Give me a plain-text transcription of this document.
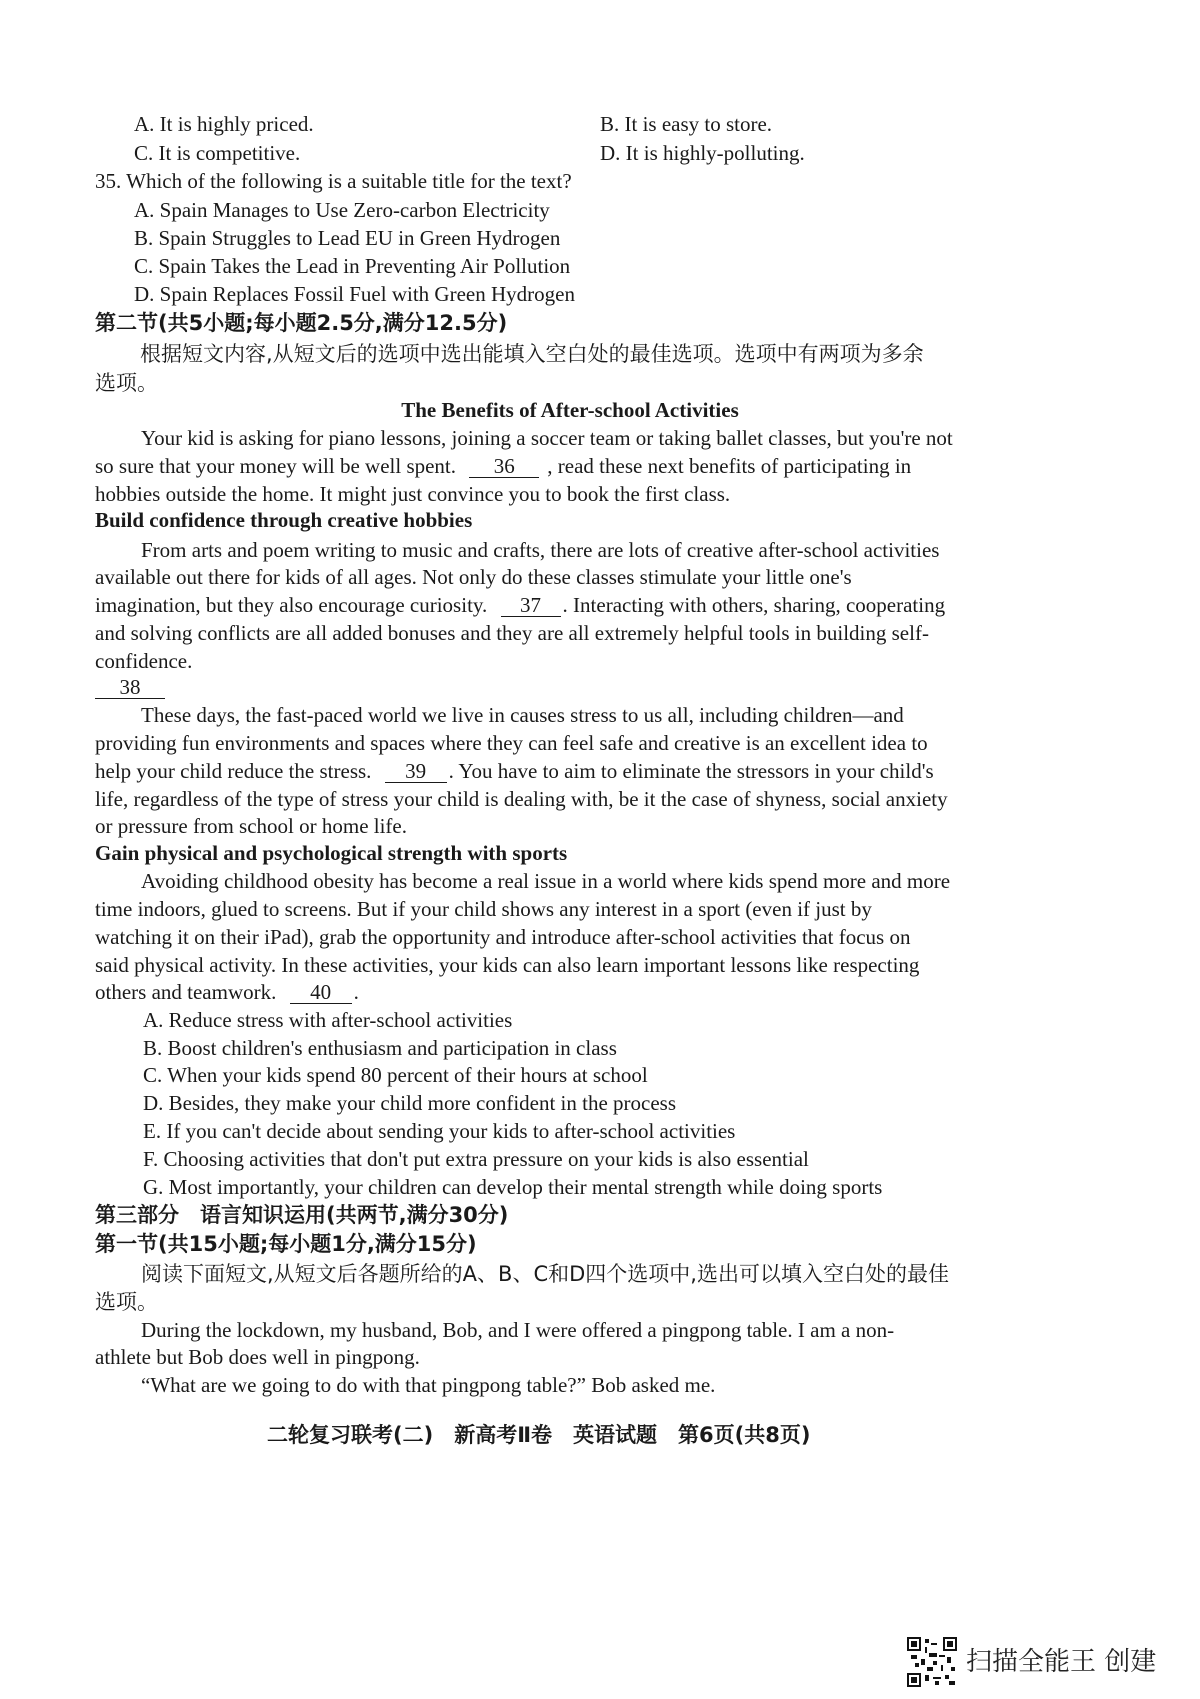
A. It is highly priced.	B. It is easy to store.
C. It is competitive.	D. It is highly-polluting.
35. Which of the following is a suitable title for the text?
A. Spain Manages to Use Zero-carbon Electricity
B. Spain Struggles to Lead EU in Green Hydrogen
C. Spain Takes the Lead in Preventing Air Pollution
D. Spain Replaces Fossil Fuel with Green Hydrogen
第二节(共5小题;每小题2.5分,满分12.5分)
根据短文内容,从短文后的选项中选出能填入空白处的最佳选项。选项中有两项为多余
选项。
The Benefits of After-school Activities
Your kid is asking for piano lessons, joining a soccer team or taking ballet classes, but you're not
so sure that your money will be well spent. 36 , read these next benefits of participating in
hobbies outside the home. It might just convince you to book the first class.
Build confidence through creative hobbies
From arts and poem writing to music and crafts, there are lots of creative after-school activities
available out there for kids of all ages. Not only do these classes stimulate your little one's
imagination, but they also encourage curiosity. 37 . Interacting with others, sharing, cooperating
and solving conflicts are all added bonuses and they are all extremely helpful tools in building self-
confidence.
38
These days, the fast-paced world we live in causes stress to us all, including children—and
providing fun environments and spaces where they can feel safe and creative is an excellent idea to
help your child reduce the stress. 39 . You have to aim to eliminate the stressors in your child's
life, regardless of the type of stress your child is dealing with, be it the case of shyness, social anxiety
or pressure from school or home life.
Gain physical and psychological strength with sports
Avoiding childhood obesity has become a real issue in a world where kids spend more and more
time indoors, glued to screens. But if your child shows any interest in a sport (even if just by
watching it on their iPad), grab the opportunity and introduce after-school activities that focus on
said physical activity. In these activities, your kids can also learn important lessons like respecting
others and teamwork. 40 .
A. Reduce stress with after-school activities
B. Boost children's enthusiasm and participation in class
C. When your kids spend 80 percent of their hours at school
D. Besides, they make your child more confident in the process
E. If you can't decide about sending your kids to after-school activities
F. Choosing activities that don't put extra pressure on your kids is also essential
G. Most importantly, your children can develop their mental strength while doing sports
第三部分　语言知识运用(共两节,满分30分)
第一节(共15小题;每小题1分,满分15分)
阅读下面短文,从短文后各题所给的A、B、C和D四个选项中,选出可以填入空白处的最佳
选项。
During the lockdown, my husband, Bob, and I were offered a pingpong table. I am a non-
athlete but Bob does well in pingpong.
“What are we going to do with that pingpong table?” Bob asked me.
二轮复习联考(二)　新高考Ⅱ卷　英语试题　第6页(共8页)
扫描全能王 创建
